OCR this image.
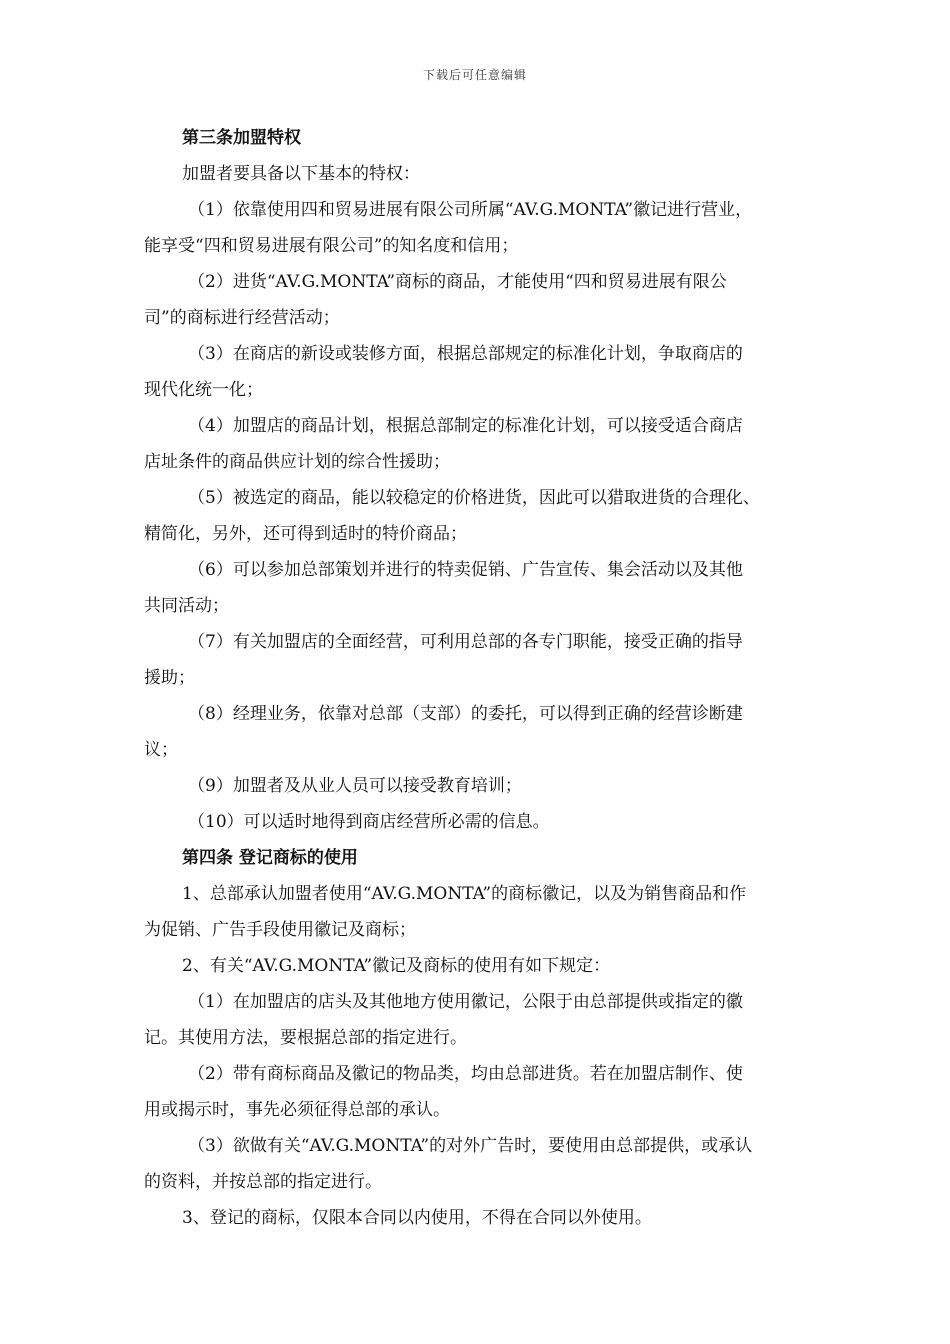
下载后可任意编辑
第三条加盟特权
加盟者要具备以下基本的特权：
（1）依靠使用四和贸易进展有限公司所属“AV.G.MONTA”徽记进行营业，
能享受“四和贸易进展有限公司”的知名度和信用；
（2）进货“AV.G.MONTA”商标的商品，才能使用“四和贸易进展有限公
司”的商标进行经营活动；
（3）在商店的新设或装修方面，根据总部规定的标准化计划，争取商店的
现代化统一化；
（4）加盟店的商品计划，根据总部制定的标准化计划，可以接受适合商店
店址条件的商品供应计划的综合性援助；
（5）被选定的商品，能以较稳定的价格进货，因此可以猎取进货的合理化、
精简化，另外，还可得到适时的特价商品；
（6）可以参加总部策划并进行的特卖促销、广告宣传、集会活动以及其他
共同活动；
（7）有关加盟店的全面经营，可利用总部的各专门职能，接受正确的指导
援助；
（8）经理业务，依靠对总部（支部）的委托，可以得到正确的经营诊断建
议；
（9）加盟者及从业人员可以接受教育培训；
（10）可以适时地得到商店经营所必需的信息。
第四条 登记商标的使用
1、总部承认加盟者使用“AV.G.MONTA”的商标徽记，以及为销售商品和作
为促销、广告手段使用徽记及商标；
2、有关“AV.G.MONTA”徽记及商标的使用有如下规定：
（1）在加盟店的店头及其他地方使用徽记，公限于由总部提供或指定的徽
记。其使用方法，要根据总部的指定进行。
（2）带有商标商品及徽记的物品类，均由总部进货。若在加盟店制作、使
用或揭示时，事先必须征得总部的承认。
（3）欲做有关“AV.G.MONTA”的对外广告时，要使用由总部提供，或承认
的资料，并按总部的指定进行。
3、登记的商标，仅限本合同以内使用，不得在合同以外使用。
